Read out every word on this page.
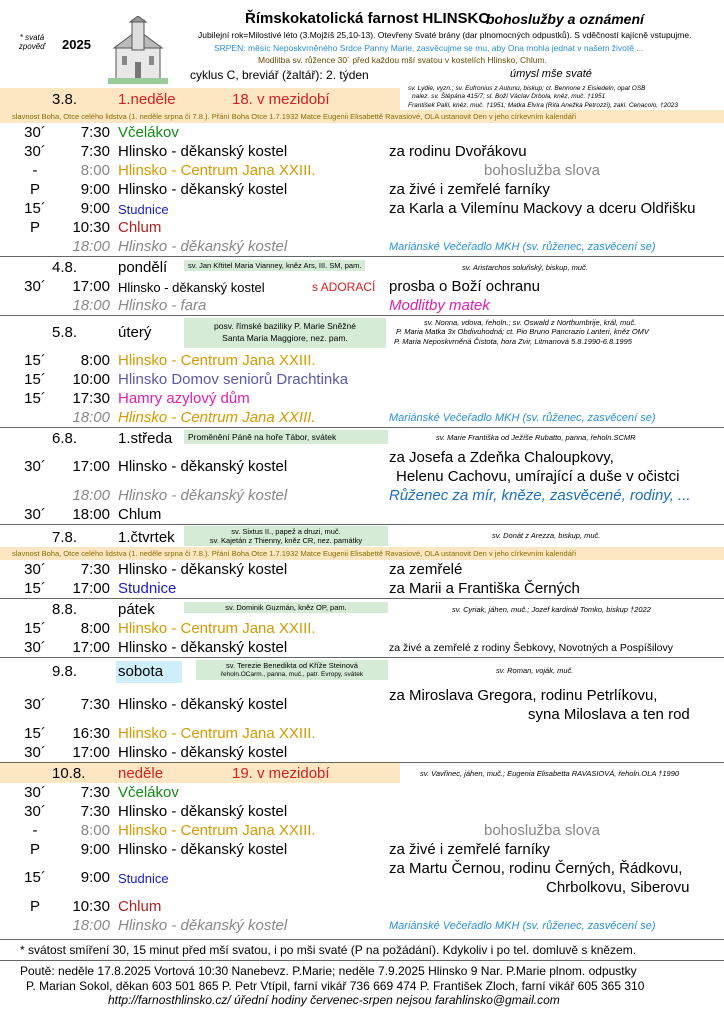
Římskokatolická farnost HLINSKO
bohoslužby a oznámení
* svatá zpověď	2025
Jubilejní rok=Milostivé léto (3.Mojžíš 25,10-13). Otevřeny Svaté brány (dar plnomocných odpustků). S vděčností kajícně vstupujme.
SRPEN: měsíc Neposkvrněného Srdce Panny Marie, zasvěcujme se mu, aby Ona mohla jednat v našem životě ...
Modlitba sv. růžence 30´ před každou mší svatou v kostelích Hlinsko, Chlum.
cyklus C, breviář (žaltář): 2. týden	úmysl mše svaté
3.8.	1.neděle	18. v mezidobí
sv. Lydie, vyzn.; sv. Eufronius z Autunu, biskup; ct. Bennone z Eisiedeln, opat OSB
nalez. sv. Štěpána 415/7; sl. Boží Václav Drbola, kněz, muč. †1951
František Pallí, kněz, muč. †1951; Matka Elvíra (Rita Anežka Petrozzi), zakl. Cenacolo, †2023
slavnost Boha, Otce celého lidstva (1. neděle srpna či 7.8.). Přání Boha Otce 1.7.1932 Matce Eugenii Elisabettě Ravasiové, OLA ustanovit Den v jeho církevním kalendáři
30´	7:30 Včelákov
30´	7:30 Hlinsko - děkanský kostel	za rodinu Dvořákovu
-	8:00 Hlinsko - Centrum Jana XXIII.	bohoslužba slova
P	9:00 Hlinsko - děkanský kostel	za živé i zemřelé farníky
15´	9:00 Studnice	za Karla a Vilemínu Mackovy a dceru Oldřišku
P	10:30 Chlum
18:00 Hlinsko - děkanský kostel	Mariánské Večeřadlo MKH (sv. růženec, zasvěcení se)
4.8.	pondělí	sv. Jan Křtitel Maria Vianney, kněz Ars, III. SM, pam.	sv. Aristarchos soluňský, biskup, muč.
30´	17:00 Hlinsko - děkanský kostel	s ADORACÍ prosba o Boží ochranu
18:00 Hlinsko - fara	Modlitby matek
5.8.	úterý	posv. římské baziliky P. Marie Sněžné
Santa Maria Maggiore, nez. pam.
sv. Nonna, vdova, řeholn.; sv. Oswald z Northumbrije, král, muč.
P. Maria Matka 3x Obdivuhodná; ct. Pio Bruno Pancrazio Lanteri, kněz OMV
P. Maria Neposkvrněná Čistota, hora Zvir, Litmanová 5.8.1990-6.8.1995
15´	8:00 Hlinsko - Centrum Jana XXIII.
15´	10:00 Hlinsko Domov seniorů Drachtinka
15´	17:30 Hamry azylový dům
18:00 Hlinsko - Centrum Jana XXIII.	Mariánské Večeřadlo MKH (sv. růženec, zasvěcení se)
6.8.	1.středa	Proměnění Páně na hoře Tábor, svátek	sv. Marie Františka od Ježíše Rubatto, panna, řeholn.SCMR
30´	17:00 Hlinsko - děkanský kostel
za Josefa a Zdeňka Chaloupkovy,
Helenu Cachovu, umírající a duše v očistci
18:00 Hlinsko - děkanský kostel	Růženec za mír, kněze, zasvěcené, rodiny, ...
30´	18:00 Chlum
7.8.	1.čtvrtek	sv. Sixtus II., papež a druzi, muč.
sv. Kajetán z Thienny, kněz CR, nez. památky
sv. Donát z Arezza, biskup, muč.
slavnost Boha, Otce celého lidstva (1. neděle srpna či 7.8.). Přání Boha Otce 1.7.1932 Matce Eugenii Elisabettě Ravasiové, OLA ustanovit Den v jeho církevním kalendáři
30´	7:30 Hlinsko - děkanský kostel	za zemřelé
15´	17:00 Studnice	za Marii a Františka Černých
8.8.	pátek	sv. Dominik Guzmán, kněz OP, pam.	sv. Cyriak, jáhen, muč.; Jozef kardinál Tomko, biskup †2022
15´	8:00 Hlinsko - Centrum Jana XXIII.
30´	17:00 Hlinsko - děkanský kostel	za živé a zemřelé z rodiny Šebkovy, Novotných a Pospíšilovy
9.8.	sobota	sv. Terezie Benedikta od Kříže Steinová
řeholn.OCarm., panna, muč., patr. Evropy, svátek	sv. Roman, voják, muč.
30´	7:30 Hlinsko - děkanský kostel
za Miroslava Gregora, rodinu Petrlíkovu,
syna Miloslava a ten rod
15´	16:30 Hlinsko - Centrum Jana XXIII.
30´	17:00 Hlinsko - děkanský kostel
10.8. neděle	19. v mezidobí	sv. Vavřinec, jáhen, muč.; Eugenia Elisabetta RAVASIOVÁ, řeholn.OLA †1990
30´	7:30 Včelákov
30´	7:30 Hlinsko - děkanský kostel
-	8:00 Hlinsko - Centrum Jana XXIII.	bohoslužba slova
P	9:00 Hlinsko - děkanský kostel	za živé i zemřelé farníky
15´	9:00 Studnice
za Martu Černou, rodinu Černých, Řádkovu,
Chrbolkovu, Siberovu
P	10:30 Chlum
18:00 Hlinsko - děkanský kostel	Mariánské Večeřadlo MKH (sv. růženec, zasvěcení se)
* svátost smíření 30, 15 minut před mší svatou, i po mši svaté (P na požádání). Kdykoliv i po tel. domluvě s knězem.
Poutě: neděle 17.8.2025 Vortová 10:30 Nanebevz. P.Marie; neděle 7.9.2025 Hlinsko 9 Nar. P.Marie plnom. odpustky
P. Marian Sokol, děkan 603 501 865 P. Petr Vtípil, farní vikář 736 669 474 P. František Zloch, farní vikář 605 365 310
http://farnosthlinsko.cz/ úřední hodiny červenec-srpen nejsou farahlinsko@gmail.com
